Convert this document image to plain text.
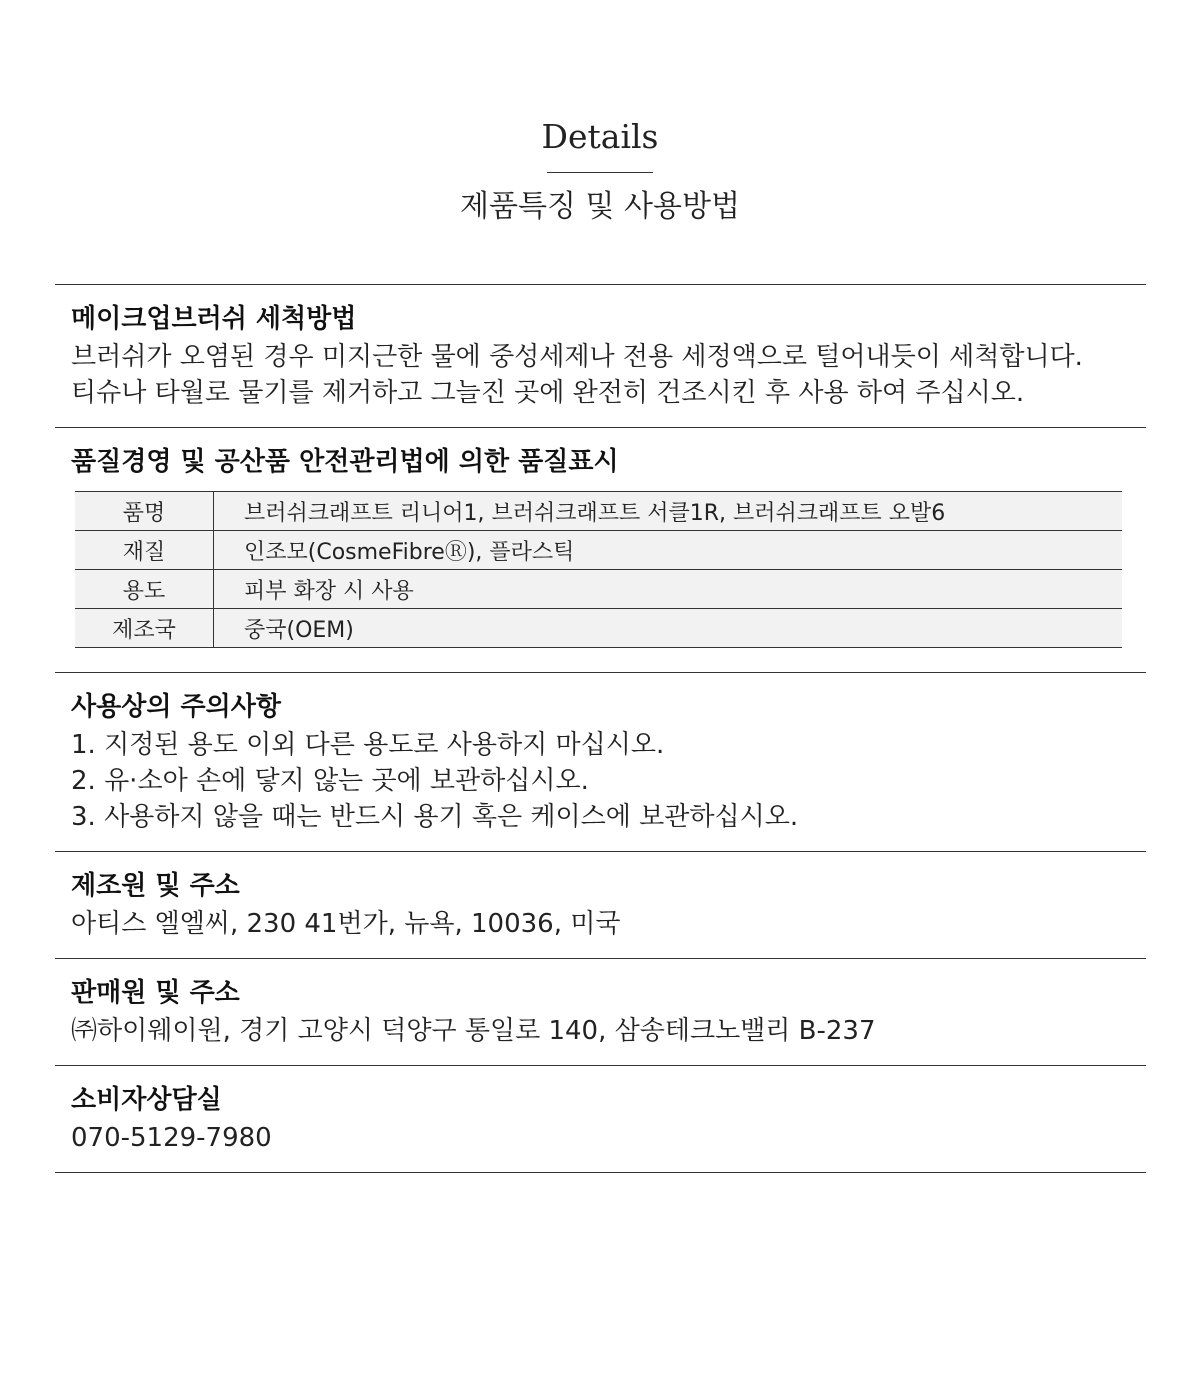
Details
제품특징 및 사용방법
메이크업브러쉬 세척방법

브러쉬가 오염된 경우 미지근한 물에 중성세제나 전용 세정액으로 털어내듯이 세척합니다.

티슈나 타월로 물기를 제거하고 그늘진 곳에 완전히 건조시킨 후 사용 하여 주십시오.

품질경영 및 공산품 안전관리법에 의한 품질표시
품명	브러쉬크래프트 리니어1, 브러쉬크래프트 서클1R, 브러쉬크래프트 오발6
재질	인조모(CosmeFibreⓇ), 플라스틱
용도	피부 화장 시 사용
제조국	중국(OEM)
사용상의 주의사항

1. 지정된 용도 이외 다른 용도로 사용하지 마십시오.

2. 유·소아 손에 닿지 않는 곳에 보관하십시오.

3. 사용하지 않을 때는 반드시 용기 혹은 케이스에 보관하십시오.

제조원 및 주소

아티스 엘엘씨, 230 41번가, 뉴욕, 10036, 미국

판매원 및 주소

㈜하이웨이원, 경기 고양시 덕양구 통일로 140, 삼송테크노밸리 B-237

소비자상담실

070-5129-7980
